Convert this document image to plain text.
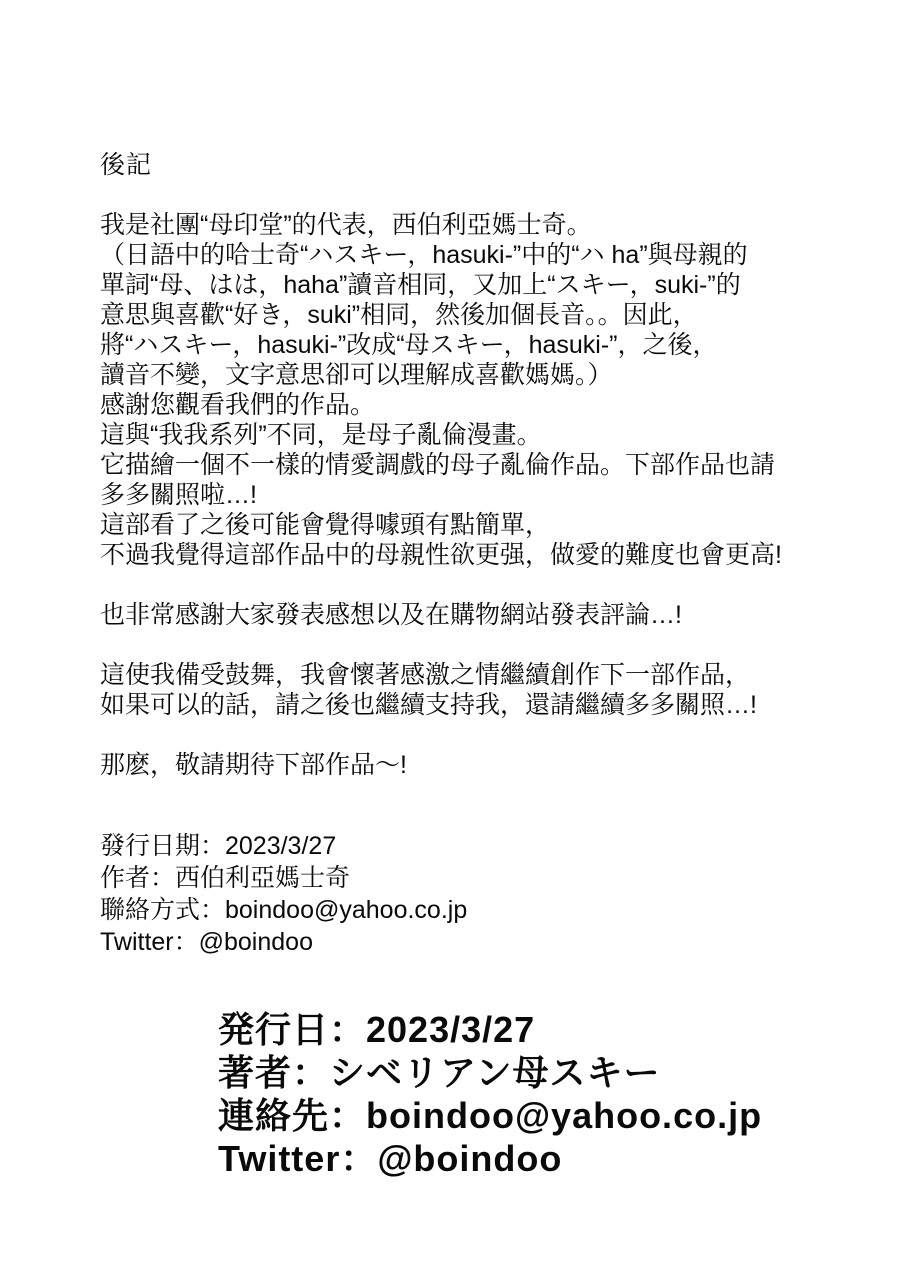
後記
我是社團“母印堂”的代表，西伯利亞媽士奇。
（日語中的哈士奇“ハスキー，hasuki-”中的“ハ ha”與母親的
單詞“母、はは，haha”讀音相同，又加上“スキー，suki-”的
意思與喜歡“好き，suki”相同，然後加個長音。。因此，
將“ハスキー，hasuki-”改成“母スキー，hasuki-”，之後，
讀音不變，文字意思卻可以理解成喜歡媽媽。）
感謝您觀看我們的作品。
這與“我我系列”不同，是母子亂倫漫畫。
它描繪一個不一樣的情愛調戲的母子亂倫作品。下部作品也請
多多關照啦…!
這部看了之後可能會覺得噱頭有點簡單，
不過我覺得這部作品中的母親性欲更强，做愛的難度也會更高!

也非常感謝大家發表感想以及在購物網站發表評論…!

這使我備受鼓舞，我會懷著感激之情繼續創作下一部作品，
如果可以的話，請之後也繼續支持我，還請繼續多多關照…!

那麽，敬請期待下部作品～!
發行日期：2023/3/27
作者：西伯利亞媽士奇
聯絡方式：boindoo@yahoo.co.jp
Twitter：@boindoo
発行日：2023/3/27
著者：シベリアン母スキー
連絡先：boindoo@yahoo.co.jp
Twitter：@boindoo
